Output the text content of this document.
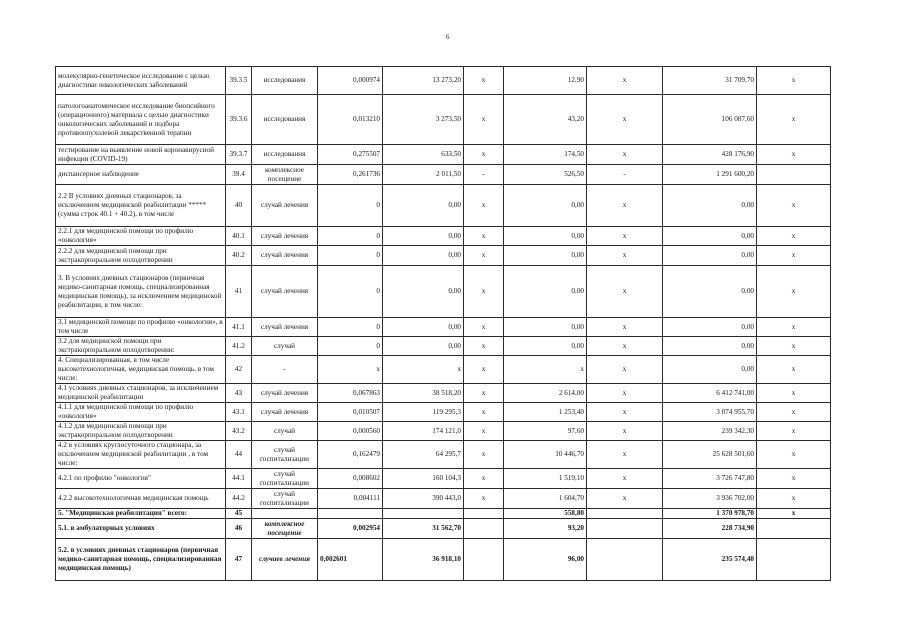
6
молекулярно-генетическое исследование с целью диагностики онкологических заболеваний	39.3.5	исследования	0,000974	13 273,20	х	12,90	х	31 709,70	х
патологоанатомическое исследование биопсийного (операционного) материала с целью диагностики онкологических заболеваний и подбора противоопухолевой лекарственной терапии	39.3.6	исследования	0,013210	3 273,50	х	43,20	х	106 087,60	х
тестирование на выявление новой коронавирусной инфекции (COVID-19)	39.3.7	исследования	0,275507	633,50	х	174,50	х	428 176,90	х
диспансерное наблюдение	39.4	комплексное посещение	0,261736	2 011,50	-	526,50	-	1 291 600,20	
2.2 В условиях дневных стационаров, за исключением медицинской реабилитации ***** (сумма строк 40.1 + 40.2), в том числе	40	случай лечения	0	0,00	х	0,00	х	0,00	х
2.2.1 для медицинской помощи по профилю «онкология»	40.1	случай лечения	0	0,00	х	0,00	х	0,00	х
2.2.2 для медицинской помощи при экстракорпоральном оплодотворении	40.2	случай лечения	0	0,00	х	0,00	х	0,00	х
3. В условиях дневных стационаров (первичная медико-санитарная помощь, специализированная медицинская помощь), за исключением медицинской реабилитации, в том числе:	41	случай лечения	0	0,00	х	0,00	х	0,00	х
3.1 медицинской помощи по профилю «онкология», в том числе	41.1	случай лечения	0	0,00	х	0,00	х	0,00	х
3.2 для медицинской помощи при экстракорпоральном оплодотворении:	41.2	случай	0	0,00	х	0,00	х	0,00	х
4. Специализированная, в том числе высокотехнологичная, медицинская помощь, в том числе:	42	-	х	х	х	х	х	0,00	х
4.1 условиях дневных стационаров, за исключением медицинской реабилитации	43	случай лечения	0,067863	38 518,20	х	2 614,00	х	6 412 741,00	х
4.1.1 для медицинской помощи по профилю «онкология»	43.1	случай лечения	0,010507	119 295,3	х	1 253,40	х	3 074 955,70	х
4.1.2 для медицинской помощи при экстракорпоральном оплодотворении	43.2	случай	0,000560	174 121,0	х	97,60	х	239 342,30	х
4.2 в условиях круглосуточного стационара, за исключением медицинской реабилитации , в том числе:	44	случай госпитализации	0,162479	64 295,7	х	10 446,70	х	25 628 501,60	х
4.2.1 по профилю "онкология"	44.1	случай госпитализации	0,008602	160 104,3	х	1 519,10	х	3 726 747,80	х
4.2.2 высокотехнологичная медицинская помощь	44.2	случай госпитализации	0,004111	390 443,0	х	1 604,70	х	3 936 702,00	х
5. "Медицинская реабилитация" всего:	45					558,80		1 370 978,70	х
5.1. в амбулаторных условиях	46	комплексное посещение	0,002954	31 562,70		93,20		228 734,90	
5.2. в условиях дневных стационаров (первичная медико-санитарная помощь, специализированная медицинская помощь)	47	случаев лечения	0,002601	36 918,10		96,00		235 574,40	
